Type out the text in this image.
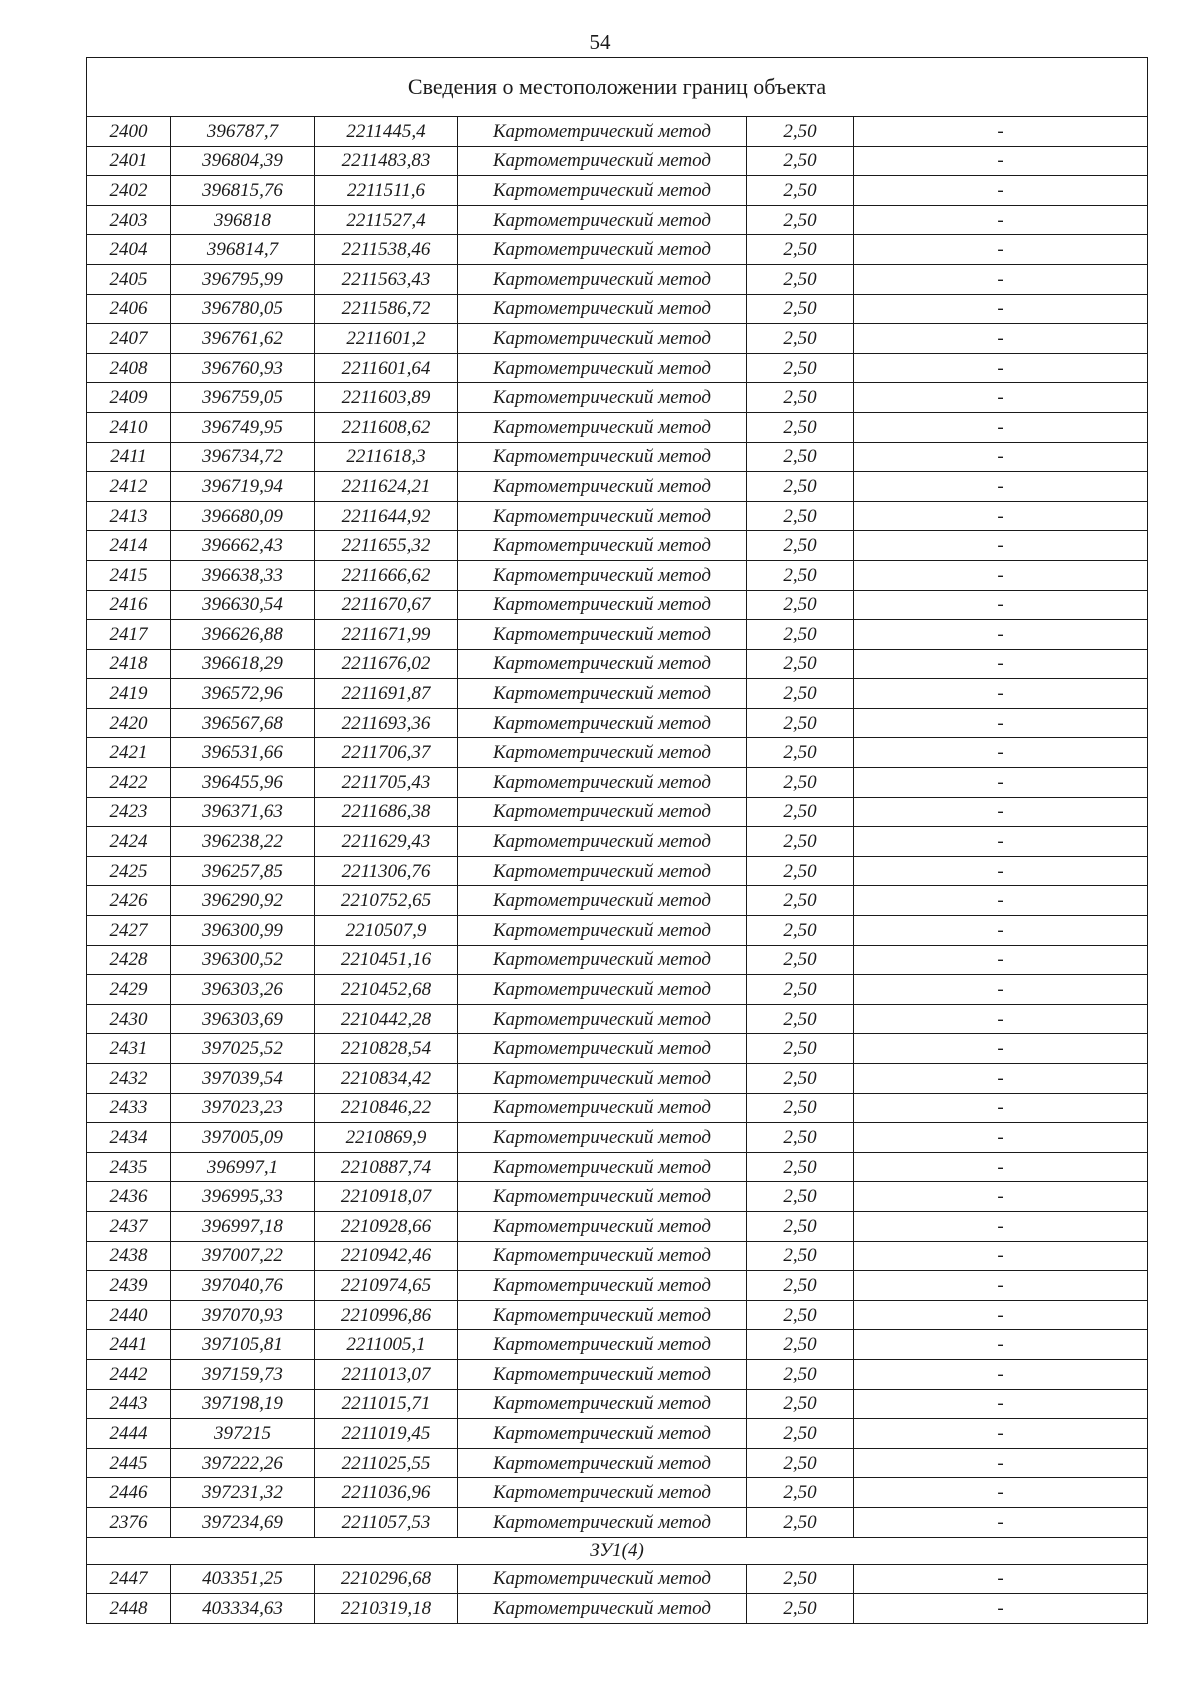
54
Сведения о местоположении границ объекта					
2400	396787,7	2211445,4	Картометрический метод	2,50	-
2401	396804,39	2211483,83	Картометрический метод	2,50	-
2402	396815,76	2211511,6	Картометрический метод	2,50	-
2403	396818	2211527,4	Картометрический метод	2,50	-
2404	396814,7	2211538,46	Картометрический метод	2,50	-
2405	396795,99	2211563,43	Картометрический метод	2,50	-
2406	396780,05	2211586,72	Картометрический метод	2,50	-
2407	396761,62	2211601,2	Картометрический метод	2,50	-
2408	396760,93	2211601,64	Картометрический метод	2,50	-
2409	396759,05	2211603,89	Картометрический метод	2,50	-
2410	396749,95	2211608,62	Картометрический метод	2,50	-
2411	396734,72	2211618,3	Картометрический метод	2,50	-
2412	396719,94	2211624,21	Картометрический метод	2,50	-
2413	396680,09	2211644,92	Картометрический метод	2,50	-
2414	396662,43	2211655,32	Картометрический метод	2,50	-
2415	396638,33	2211666,62	Картометрический метод	2,50	-
2416	396630,54	2211670,67	Картометрический метод	2,50	-
2417	396626,88	2211671,99	Картометрический метод	2,50	-
2418	396618,29	2211676,02	Картометрический метод	2,50	-
2419	396572,96	2211691,87	Картометрический метод	2,50	-
2420	396567,68	2211693,36	Картометрический метод	2,50	-
2421	396531,66	2211706,37	Картометрический метод	2,50	-
2422	396455,96	2211705,43	Картометрический метод	2,50	-
2423	396371,63	2211686,38	Картометрический метод	2,50	-
2424	396238,22	2211629,43	Картометрический метод	2,50	-
2425	396257,85	2211306,76	Картометрический метод	2,50	-
2426	396290,92	2210752,65	Картометрический метод	2,50	-
2427	396300,99	2210507,9	Картометрический метод	2,50	-
2428	396300,52	2210451,16	Картометрический метод	2,50	-
2429	396303,26	2210452,68	Картометрический метод	2,50	-
2430	396303,69	2210442,28	Картометрический метод	2,50	-
2431	397025,52	2210828,54	Картометрический метод	2,50	-
2432	397039,54	2210834,42	Картометрический метод	2,50	-
2433	397023,23	2210846,22	Картометрический метод	2,50	-
2434	397005,09	2210869,9	Картометрический метод	2,50	-
2435	396997,1	2210887,74	Картометрический метод	2,50	-
2436	396995,33	2210918,07	Картометрический метод	2,50	-
2437	396997,18	2210928,66	Картометрический метод	2,50	-
2438	397007,22	2210942,46	Картометрический метод	2,50	-
2439	397040,76	2210974,65	Картометрический метод	2,50	-
2440	397070,93	2210996,86	Картометрический метод	2,50	-
2441	397105,81	2211005,1	Картометрический метод	2,50	-
2442	397159,73	2211013,07	Картометрический метод	2,50	-
2443	397198,19	2211015,71	Картометрический метод	2,50	-
2444	397215	2211019,45	Картометрический метод	2,50	-
2445	397222,26	2211025,55	Картометрический метод	2,50	-
2446	397231,32	2211036,96	Картометрический метод	2,50	-
2376	397234,69	2211057,53	Картометрический метод	2,50	-
ЗУ1(4)					
2447	403351,25	2210296,68	Картометрический метод	2,50	-
2448	403334,63	2210319,18	Картометрический метод	2,50	-
